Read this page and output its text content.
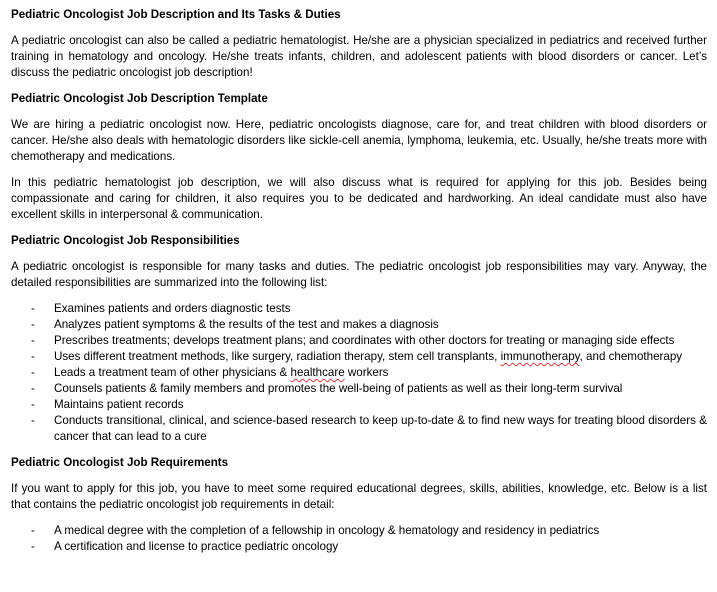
Pediatric Oncologist Job Description and Its Tasks & Duties
A pediatric oncologist can also be called a pediatric hematologist. He/she are a physician specialized in pediatrics and received further training in hematology and oncology. He/she treats infants, children, and adolescent patients with blood disorders or cancer. Let’s discuss the pediatric oncologist job description!
Pediatric Oncologist Job Description Template
We are hiring a pediatric oncologist now. Here, pediatric oncologists diagnose, care for, and treat children with blood disorders or cancer. He/she also deals with hematologic disorders like sickle-cell anemia, lymphoma, leukemia, etc. Usually, he/she treats more with chemotherapy and medications.
In this pediatric hematologist job description, we will also discuss what is required for applying for this job. Besides being compassionate and caring for children, it also requires you to be dedicated and hardworking. An ideal candidate must also have excellent skills in interpersonal & communication.
Pediatric Oncologist Job Responsibilities
A pediatric oncologist is responsible for many tasks and duties. The pediatric oncologist job responsibilities may vary. Anyway, the detailed responsibilities are summarized into the following list:
- Examines patients and orders diagnostic tests
- Analyzes patient symptoms & the results of the test and makes a diagnosis
- Prescribes treatments; develops treatment plans; and coordinates with other doctors for treating or managing side effects
- Uses different treatment methods, like surgery, radiation therapy, stem cell transplants, immunotherapy, and chemotherapy
- Leads a treatment team of other physicians & healthcare workers
- Counsels patients & family members and promotes the well-being of patients as well as their long-term survival
- Maintains patient records
- Conducts transitional, clinical, and science-based research to keep up-to-date & to find new ways for treating blood disorders & cancer that can lead to a cure
Pediatric Oncologist Job Requirements
If you want to apply for this job, you have to meet some required educational degrees, skills, abilities, knowledge, etc. Below is a list that contains the pediatric oncologist job requirements in detail:
- A medical degree with the completion of a fellowship in oncology & hematology and residency in pediatrics
- A certification and license to practice pediatric oncology
